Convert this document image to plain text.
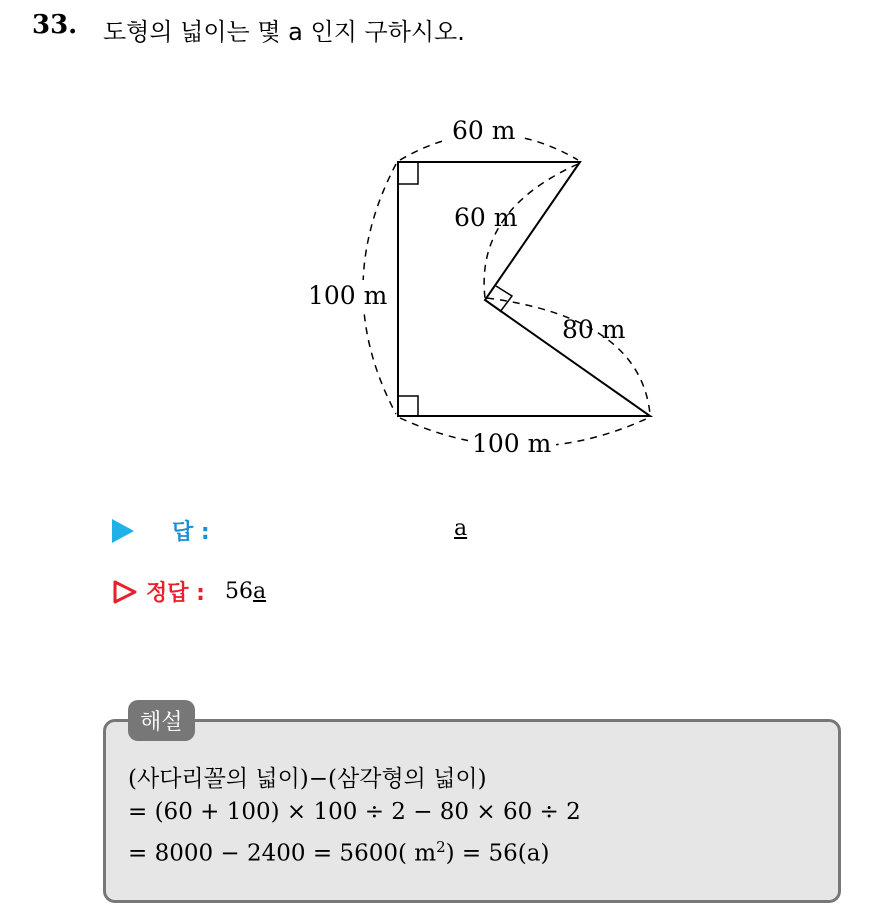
33. 도형의 넓이는 몇 a 인지 구하시오.
60 m
60 m
100 m
80 m
100 m
답 :	a
정답 : 56a
해설
(사다리꼴의 넓이)−(삼각형의 넓이)
= (60 + 100) × 100 ÷ 2 − 80 × 60 ÷ 2
= 8000 − 2400 = 5600( $m^2) = 56(a)$
